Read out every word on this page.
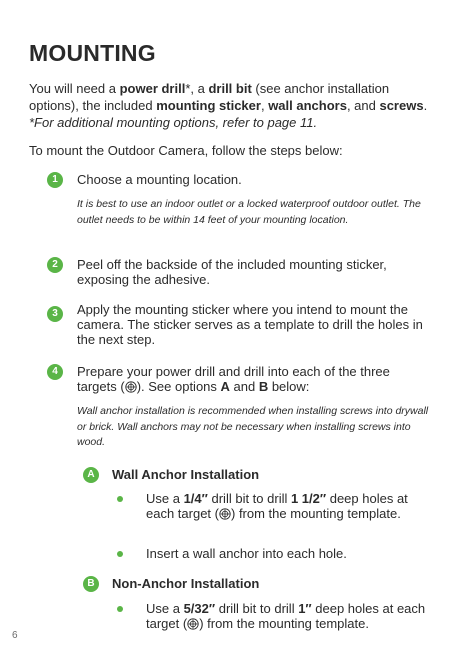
MOUNTING

You will need a power drill*, a drill bit (see anchor installation options), the included mounting sticker, wall anchors, and screws. *For additional mounting options, refer to page 11.

To mount the Outdoor Camera, follow the steps below:

1	Choose a mounting location.

It is best to use an indoor outlet or a locked waterproof outdoor outlet. The outlet needs to be within 14 feet of your mounting location.

2	Peel off the backside of the included mounting sticker, exposing the adhesive.

3	Apply the mounting sticker where you intend to mount the camera. The sticker serves as a template to drill the holes in the next step.

4	Prepare your power drill and drill into each of the three targets ( ). See options A and B below:

Wall anchor installation is recommended when installing screws into drywall or brick. Wall anchors may not be necessary when installing screws into wood.

A	Wall Anchor Installation

Use a 1/4″ drill bit to drill 1 1/2″ deep holes at each target ( ) from the mounting template.

Insert a wall anchor into each hole.

B	Non-Anchor Installation

Use a 5/32″ drill bit to drill 1″ deep holes at each target ( ) from the mounting template.

6
